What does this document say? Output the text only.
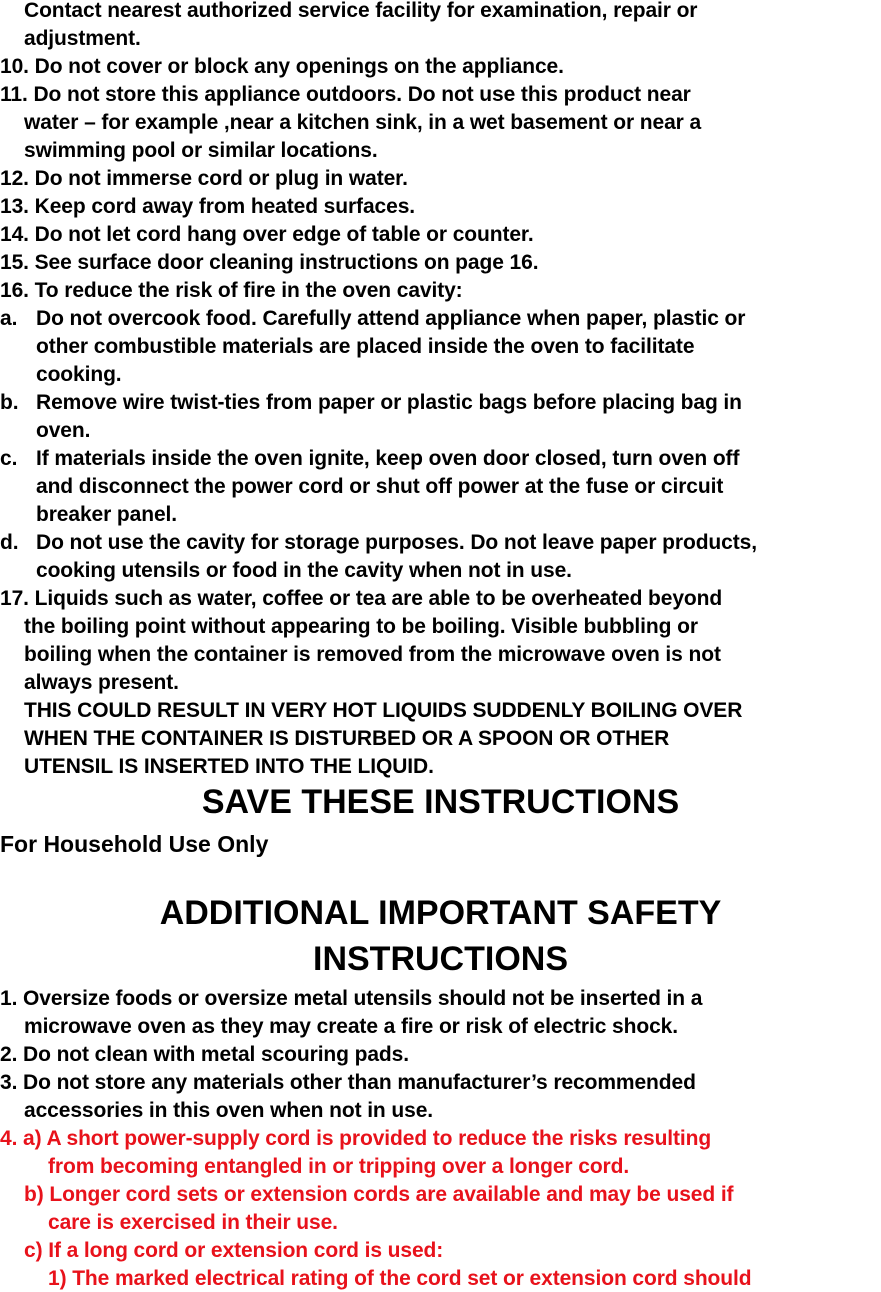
Contact nearest authorized service facility for examination, repair or
adjustment.
10. Do not cover or block any openings on the appliance.
11. Do not store this appliance outdoors. Do not use this product near
water – for example ,near a kitchen sink, in a wet basement or near a
swimming pool or similar locations.
12. Do not immerse cord or plug in water.
13. Keep cord away from heated surfaces.
14. Do not let cord hang over edge of table or counter.
15. See surface door cleaning instructions on page 16.
16. To reduce the risk of fire in the oven cavity:
a. Do not overcook food. Carefully attend appliance when paper, plastic or
other combustible materials are placed inside the oven to facilitate
cooking.
b. Remove wire twist-ties from paper or plastic bags before placing bag in
oven.
c. If materials inside the oven ignite, keep oven door closed, turn oven off
and disconnect the power cord or shut off power at the fuse or circuit
breaker panel.
d. Do not use the cavity for storage purposes. Do not leave paper products,
cooking utensils or food in the cavity when not in use.
17. Liquids such as water, coffee or tea are able to be overheated beyond
the boiling point without appearing to be boiling. Visible bubbling or
boiling when the container is removed from the microwave oven is not
always present.
THIS COULD RESULT IN VERY HOT LIQUIDS SUDDENLY BOILING OVER
WHEN THE CONTAINER IS DISTURBED OR A SPOON OR OTHER
UTENSIL IS INSERTED INTO THE LIQUID.
SAVE THESE INSTRUCTIONS
For Household Use Only
ADDITIONAL IMPORTANT SAFETY
INSTRUCTIONS
1. Oversize foods or oversize metal utensils should not be inserted in a
microwave oven as they may create a fire or risk of electric shock.
2. Do not clean with metal scouring pads.
3. Do not store any materials other than manufacturer’s recommended
accessories in this oven when not in use.
4. a) A short power-supply cord is provided to reduce the risks resulting
from becoming entangled in or tripping over a longer cord.
b) Longer cord sets or extension cords are available and may be used if
care is exercised in their use.
c) If a long cord or extension cord is used:
1) The marked electrical rating of the cord set or extension cord should
